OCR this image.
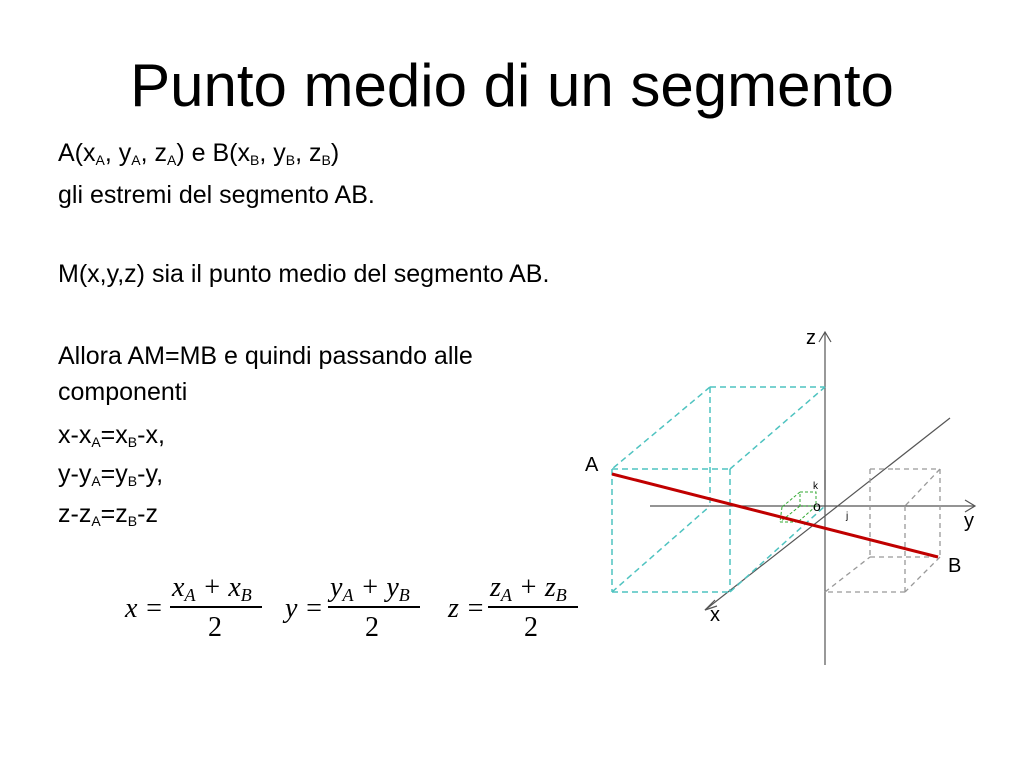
Punto medio di un segmento
$A(x_A$, $y_A$, $z_A$) e $B(x_B$, $y_B$, $z_B$)
gli estremi del segmento AB.
M(x,y,z) sia il punto medio del segmento AB.
Allora AM=MB e quindi passando alle
componenti
$x-x_A=x_B-x$,
$y-y_A=y_B-y$,
$z-z_A=z_B-z$
x =
$x_A + x_B$
2
y =
$y_A + y_B$
2
z =
$z_A + z_B$
2
z
y
x
A
B
o
k
j
